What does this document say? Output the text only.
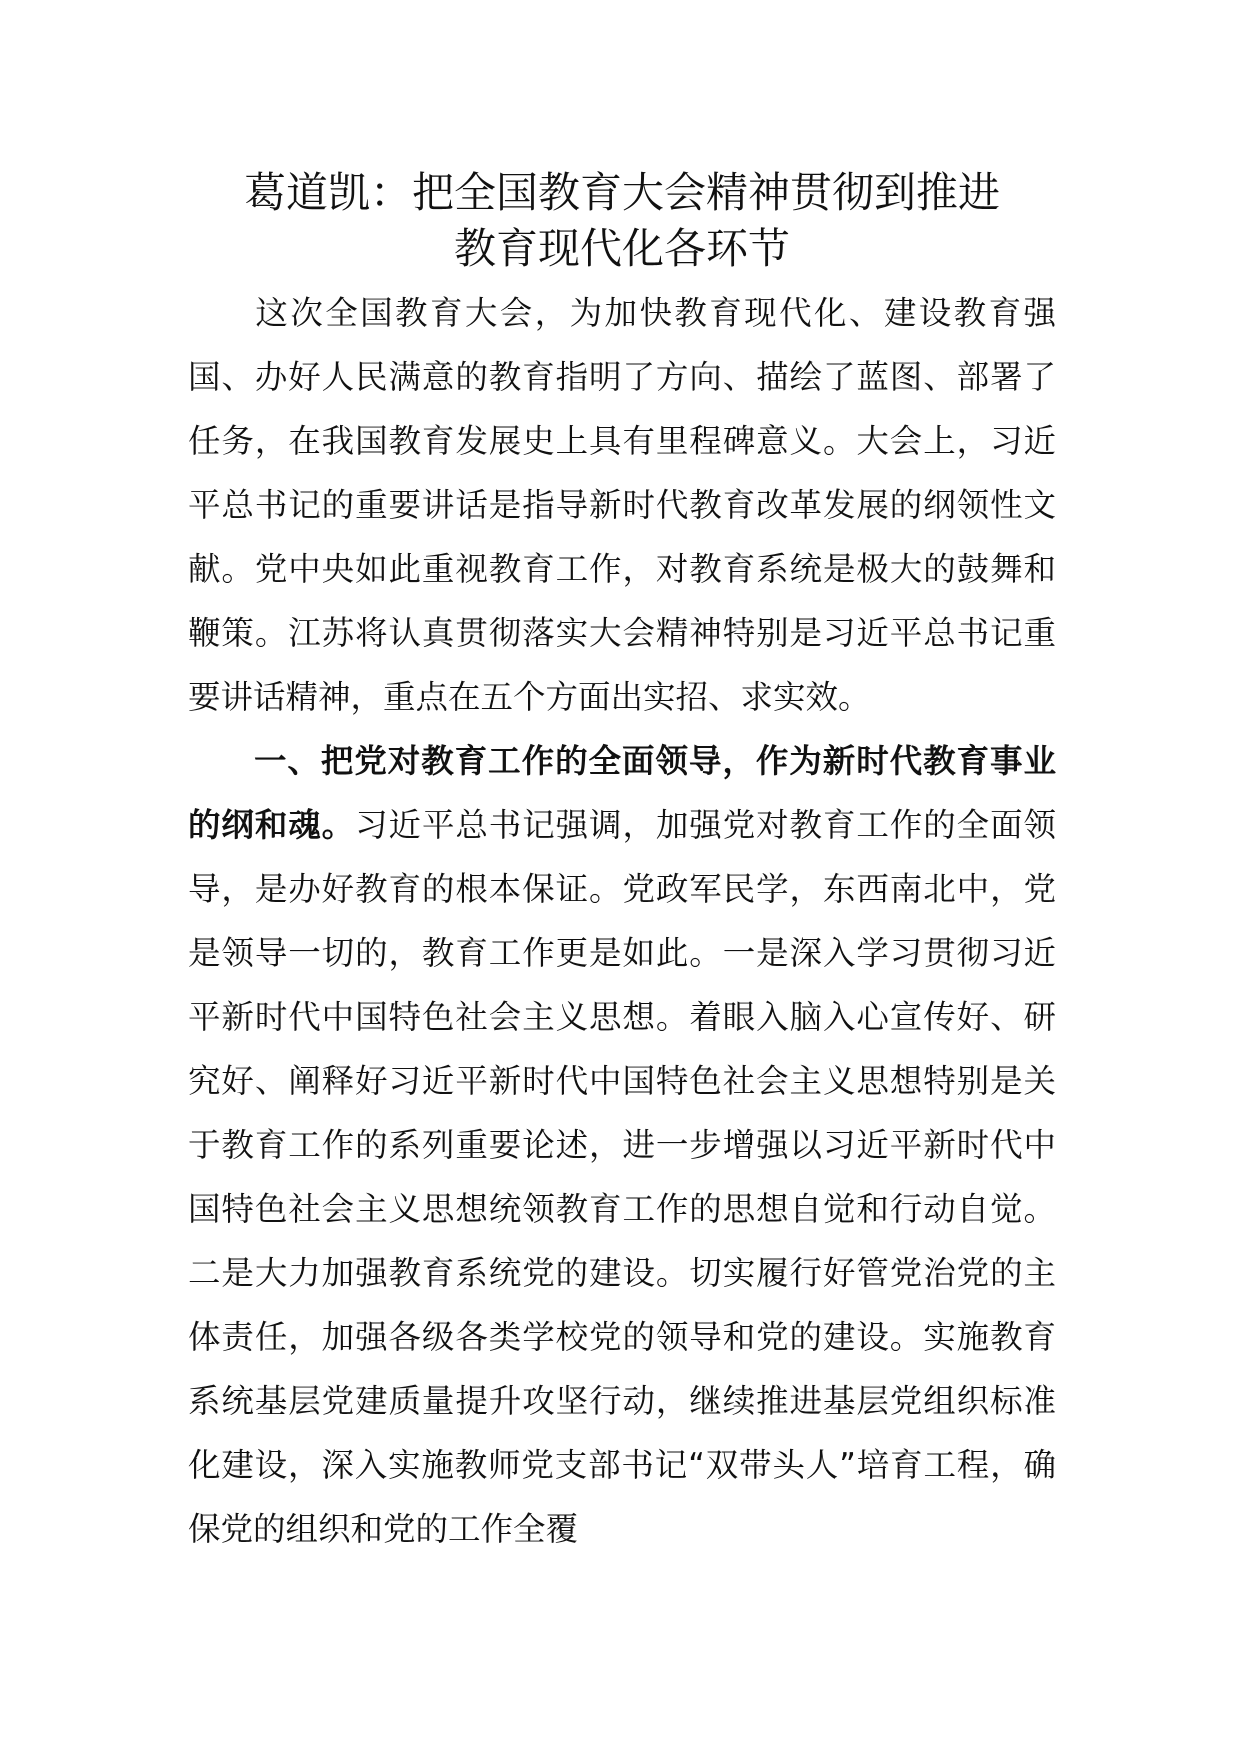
葛道凯：把全国教育大会精神贯彻到推进
教育现代化各环节

这次全国教育大会，为加快教育现代化、建设教育强国、办好人民满意的教育指明了方向、描绘了蓝图、部署了任务，在我国教育发展史上具有里程碑意义。大会上，习近平总书记的重要讲话是指导新时代教育改革发展的纲领性文献。党中央如此重视教育工作，对教育系统是极大的鼓舞和鞭策。江苏将认真贯彻落实大会精神特别是习近平总书记重要讲话精神，重点在五个方面出实招、求实效。

一、把党对教育工作的全面领导，作为新时代教育事业的纲和魂。习近平总书记强调，加强党对教育工作的全面领导，是办好教育的根本保证。党政军民学，东西南北中，党是领导一切的，教育工作更是如此。一是深入学习贯彻习近平新时代中国特色社会主义思想。着眼入脑入心宣传好、研究好、阐释好习近平新时代中国特色社会主义思想特别是关于教育工作的系列重要论述，进一步增强以习近平新时代中国特色社会主义思想统领教育工作的思想自觉和行动自觉。二是大力加强教育系统党的建设。切实履行好管党治党的主体责任，加强各级各类学校党的领导和党的建设。实施教育系统基层党建质量提升攻坚行动，继续推进基层党组织标准化建设，深入实施教师党支部书记“双带头人”培育工程，确保党的组织和党的工作全覆
